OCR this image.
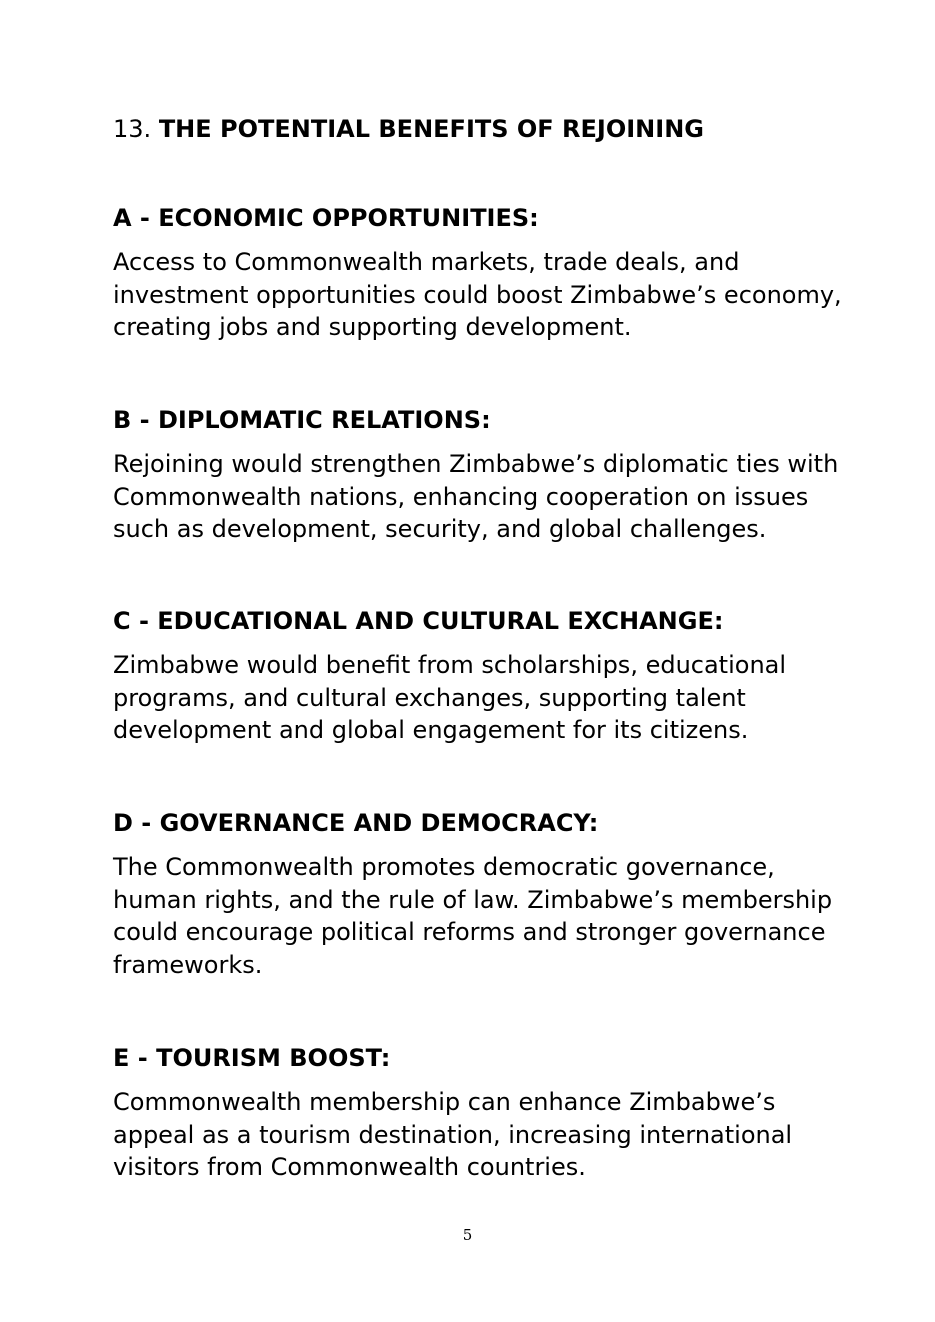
13. THE POTENTIAL BENEFITS OF REJOINING
A - ECONOMIC OPPORTUNITIES:

Access to Commonwealth markets, trade deals, and investment opportunities could boost Zimbabwe’s economy, creating jobs and supporting development.

B - DIPLOMATIC RELATIONS:

Rejoining would strengthen Zimbabwe’s diplomatic ties with Commonwealth nations, enhancing cooperation on issues such as development, security, and global challenges.

C - EDUCATIONAL AND CULTURAL EXCHANGE:

Zimbabwe would benefit from scholarships, educational programs, and cultural exchanges, supporting talent development and global engagement for its citizens.

D - GOVERNANCE AND DEMOCRACY:

The Commonwealth promotes democratic governance, human rights, and the rule of law. Zimbabwe’s membership could encourage political reforms and stronger governance frameworks.

E - TOURISM BOOST:

Commonwealth membership can enhance Zimbabwe’s appeal as a tourism destination, increasing international visitors from Commonwealth countries.

5
